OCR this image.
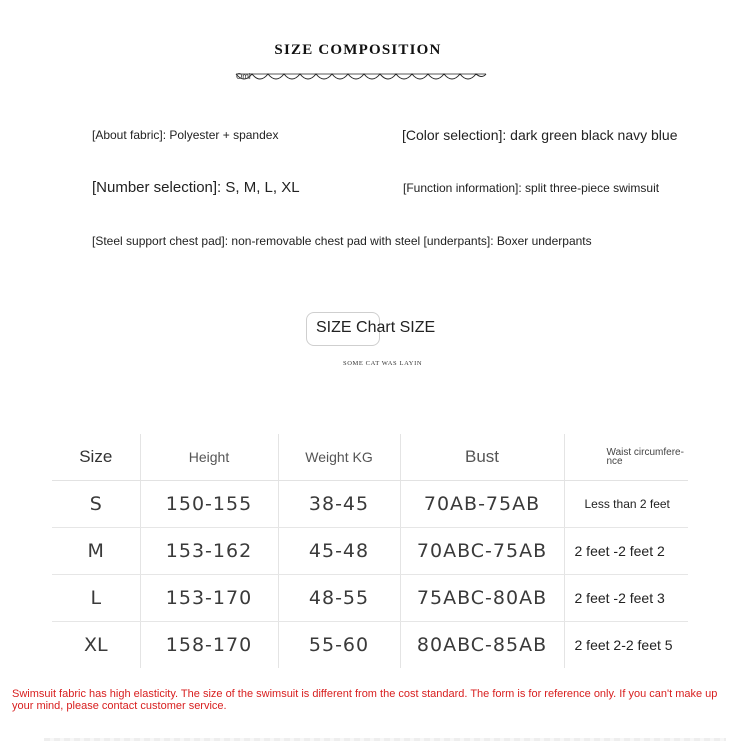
SIZE COMPOSITION
Omi
[About fabric]: Polyester + spandex	[Color selection]: dark green black navy blue
[Number selection]: S, M, L, XL	[Function information]: split three-piece swimsuit
[Steel support chest pad]: non-removable chest pad with steel [underpants]: Boxer underpants
SIZE Chart SIZE
SOME CAT WAS LAYIN
Size	Height	Weight KG	Bust	Waist circumfere-nce
S	150-155	38-45	70AB-75AB	Less than 2 feet
M	153-162	45-48	70ABC-75AB	2 feet -2 feet 2
L	153-170	48-55	75ABC-80AB	2 feet -2 feet 3
XL	158-170	55-60	80ABC-85AB	2 feet 2-2 feet 5
Swimsuit fabric has high elasticity. The size of the swimsuit is different from the cost standard. The form is for reference only. If you can't make up your mind, please contact customer service.
